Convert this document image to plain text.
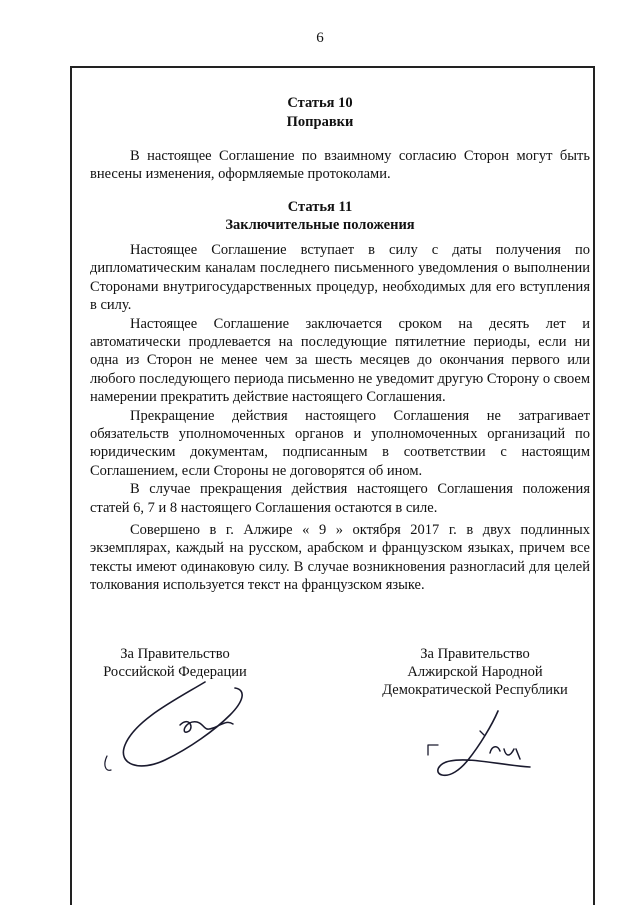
6
Статья 10
Поправки

В настоящее Соглашение по взаимному согласию Сторон могут быть внесены изменения, оформляемые протоколами.

Статья 11
Заключительные положения

Настоящее Соглашение вступает в силу с даты получения по дипломатическим каналам последнего письменного уведомления о выполнении Сторонами внутригосударственных процедур, необходимых для его вступления в силу.

Настоящее Соглашение заключается сроком на десять лет и автоматически продлевается на последующие пятилетние периоды, если ни одна из Сторон не менее чем за шесть месяцев до окончания первого или любого последующего периода письменно не уведомит другую Сторону о своем намерении прекратить действие настоящего Соглашения.

Прекращение действия настоящего Соглашения не затрагивает обязательств уполномоченных органов и уполномоченных организаций по юридическим документам, подписанным в соответствии с настоящим Соглашением, если Стороны не договорятся об ином.

В случае прекращения действия настоящего Соглашения положения статей 6, 7 и 8 настоящего Соглашения остаются в силе.

Совершено в г. Алжире « 9 » октября 2017 г. в двух подлинных экземплярах, каждый на русском, арабском и французском языках, причем все тексты имеют одинаковую силу. В случае возникновения разногласий для целей толкования используется текст на французском языке.

За Правительство
Российской Федерации
За Правительство
Алжирской Народной
Демократической Республики
